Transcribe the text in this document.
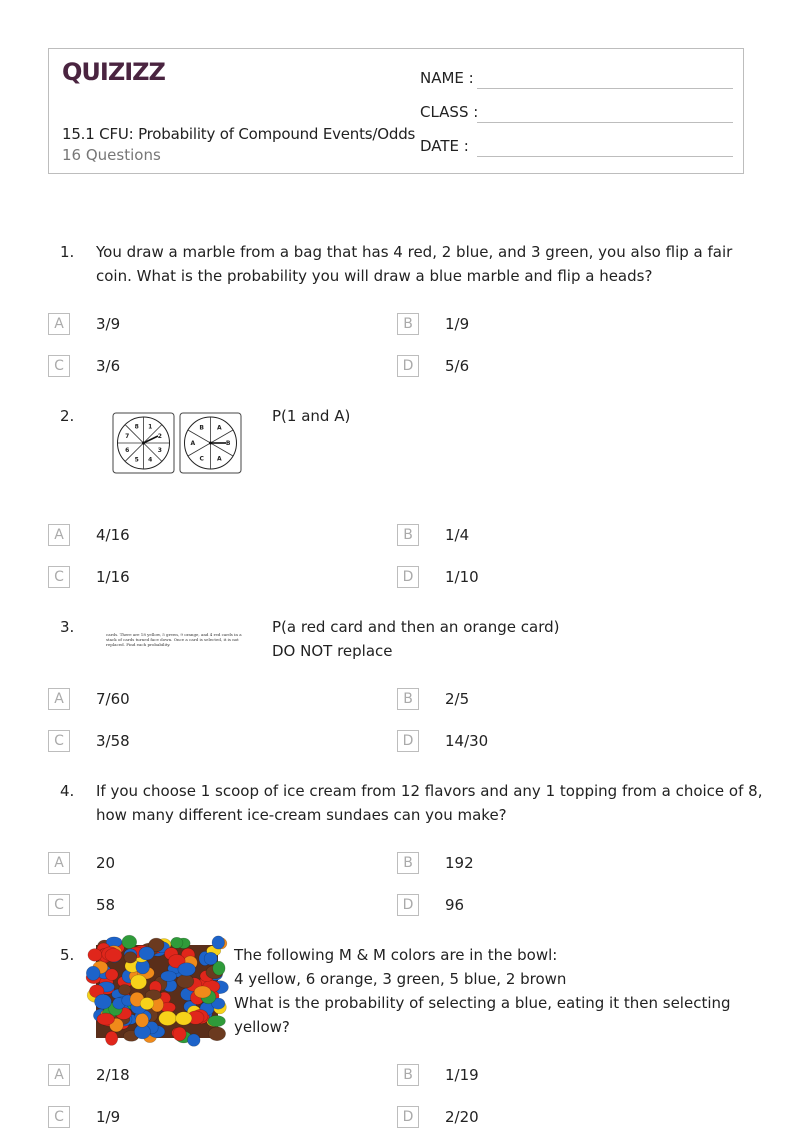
QUIZIZZ
15.1 CFU: Probability of Compound Events/Odds
16 Questions
NAME :
CLASS :
DATE :
1. You draw a marble from a bag that has 4 red, 2 blue, and 3 green, you also flip a fair
coin. What is the probability you will draw a blue marble and flip a heads?
A	3/9	B	1/9
C	3/6	D	5/6
2.
1
2
3
4
5
6
7
8	A
B
A
C
A
B
P(1 and A)
A	4/16	B	1/4
C	1/16	D	1/10
3.	cards. There are 18 yellow, 5 green, 9 orange, and 4 red cards in a stack of cards turned face down. Once a card is selected, it is not replaced. Find each probability.
P(a red card and then an orange card)
DO NOT replace
A	7/60	B	2/5
C	3/58	D	14/30
4. If you choose 1 scoop of ice cream from 12 flavors and any 1 topping from a choice of 8,
how many different ice-cream sundaes can you make?
A	20	B	192
C	58	D	96
5.	The following M & M colors are in the bowl:
4 yellow, 6 orange, 3 green, 5 blue, 2 brown
What is the probability of selecting a blue, eating it then selecting
yellow?
A	2/18	B	1/19
C	1/9	D	2/20
